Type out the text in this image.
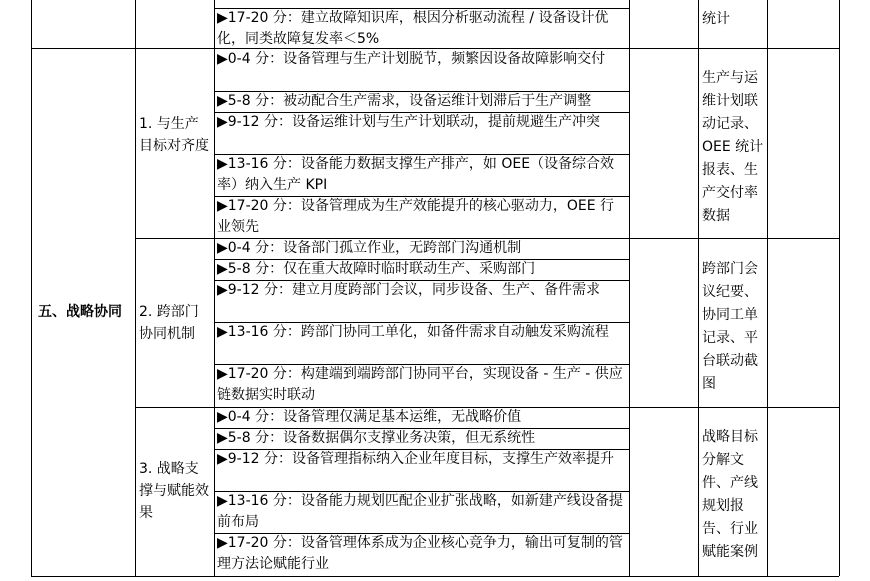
▶17-20 分：建立故障知识库，根因分析驱动流程 / 设备设计优化，同类故障复发率＜5%
统计
五、战略协同
1. 与生产目标对齐度
▶0-4 分：设备管理与生产计划脱节，频繁因设备故障影响交付
▶5-8 分：被动配合生产需求，设备运维计划滞后于生产调整
▶9-12 分：设备运维计划与生产计划联动，提前规避生产冲突
▶13-16 分：设备能力数据支撑生产排产，如 OEE（设备综合效率）纳入生产 KPI
▶17-20 分：设备管理成为生产效能提升的核心驱动力，OEE 行业领先
生产与运维计划联动记录、OEE 统计报表、生产交付率数据
2. 跨部门协同机制
▶0-4 分：设备部门孤立作业，无跨部门沟通机制
▶5-8 分：仅在重大故障时临时联动生产、采购部门
▶9-12 分：建立月度跨部门会议，同步设备、生产、备件需求
▶13-16 分：跨部门协同工单化，如备件需求自动触发采购流程
▶17-20 分：构建端到端跨部门协同平台，实现设备 - 生产 - 供应链数据实时联动
跨部门会议纪要、协同工单记录、平台联动截图
3. 战略支撑与赋能效果
▶0-4 分：设备管理仅满足基本运维，无战略价值
▶5-8 分：设备数据偶尔支撑业务决策，但无系统性
▶9-12 分：设备管理指标纳入企业年度目标，支撑生产效率提升
▶13-16 分：设备能力规划匹配企业扩张战略，如新建产线设备提前布局
▶17-20 分：设备管理体系成为企业核心竞争力，输出可复制的管理方法论赋能行业
战略目标分解文件、产线规划报告、行业赋能案例
